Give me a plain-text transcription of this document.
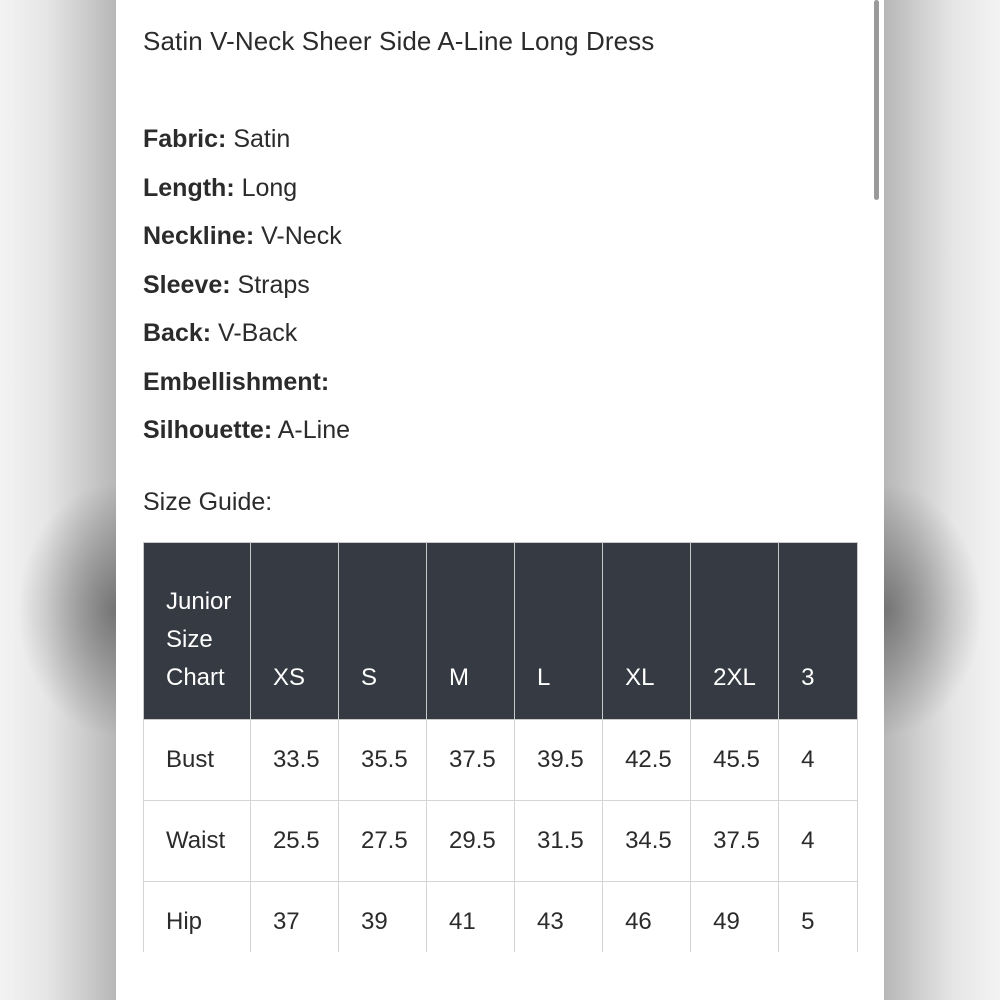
Satin V-Neck Sheer Side A-Line Long Dress
Fabric: Satin
Length: Long
Neckline: V-Neck
Sleeve: Straps
Back: V-Back
Embellishment:
Silhouette: A-Line
Size Guide:
Junior Size Chart	XS	S	M	L	XL	2XL	3
Bust	33.5	35.5	37.5	39.5	42.5	45.5	4
Waist	25.5	27.5	29.5	31.5	34.5	37.5	4
Hip	37	39	41	43	46	49	5
